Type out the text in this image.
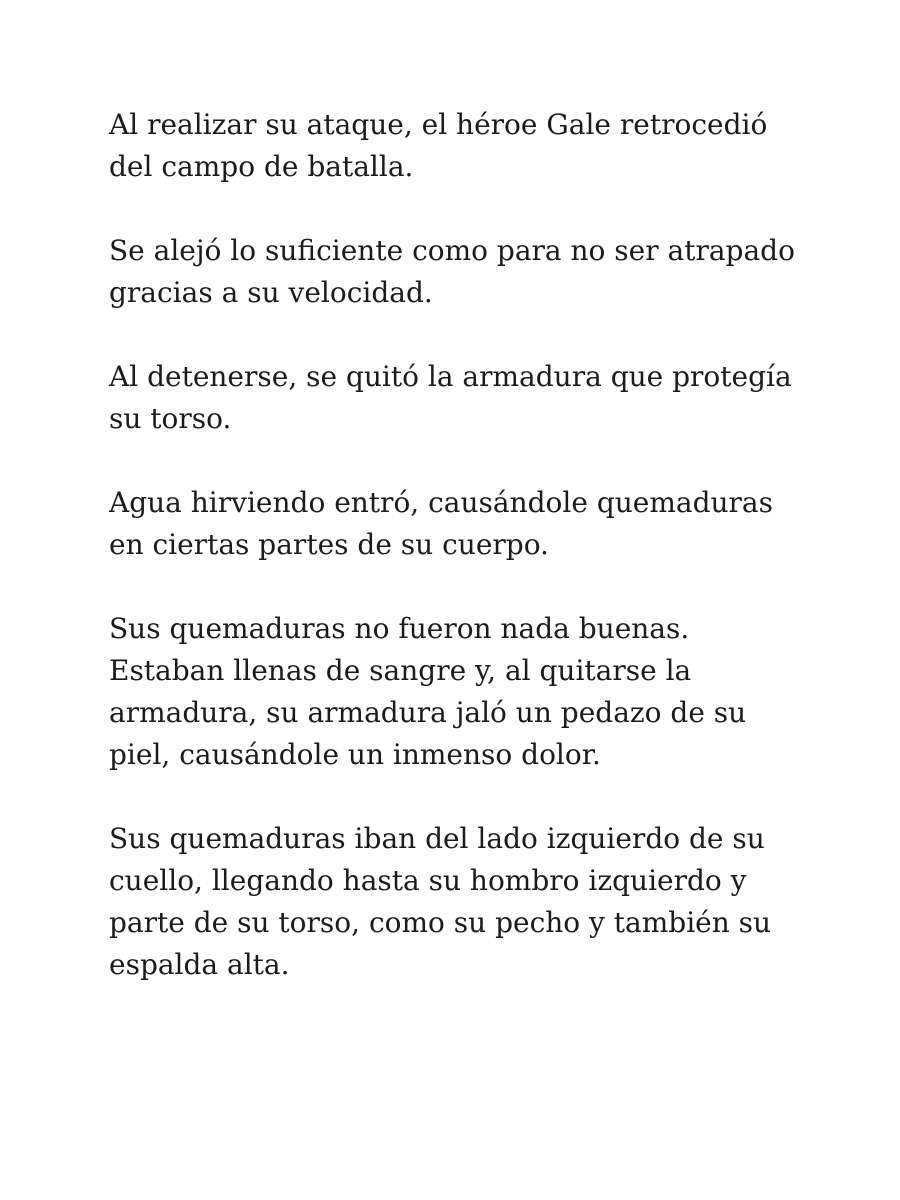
Al realizar su ataque, el héroe Gale retrocedió
del campo de batalla.

Se alejó lo suficiente como para no ser atrapado
gracias a su velocidad.

Al detenerse, se quitó la armadura que protegía
su torso.

Agua hirviendo entró, causándole quemaduras
en ciertas partes de su cuerpo.

Sus quemaduras no fueron nada buenas.
Estaban llenas de sangre y, al quitarse la
armadura, su armadura jaló un pedazo de su
piel, causándole un inmenso dolor.

Sus quemaduras iban del lado izquierdo de su
cuello, llegando hasta su hombro izquierdo y
parte de su torso, como su pecho y también su
espalda alta.
